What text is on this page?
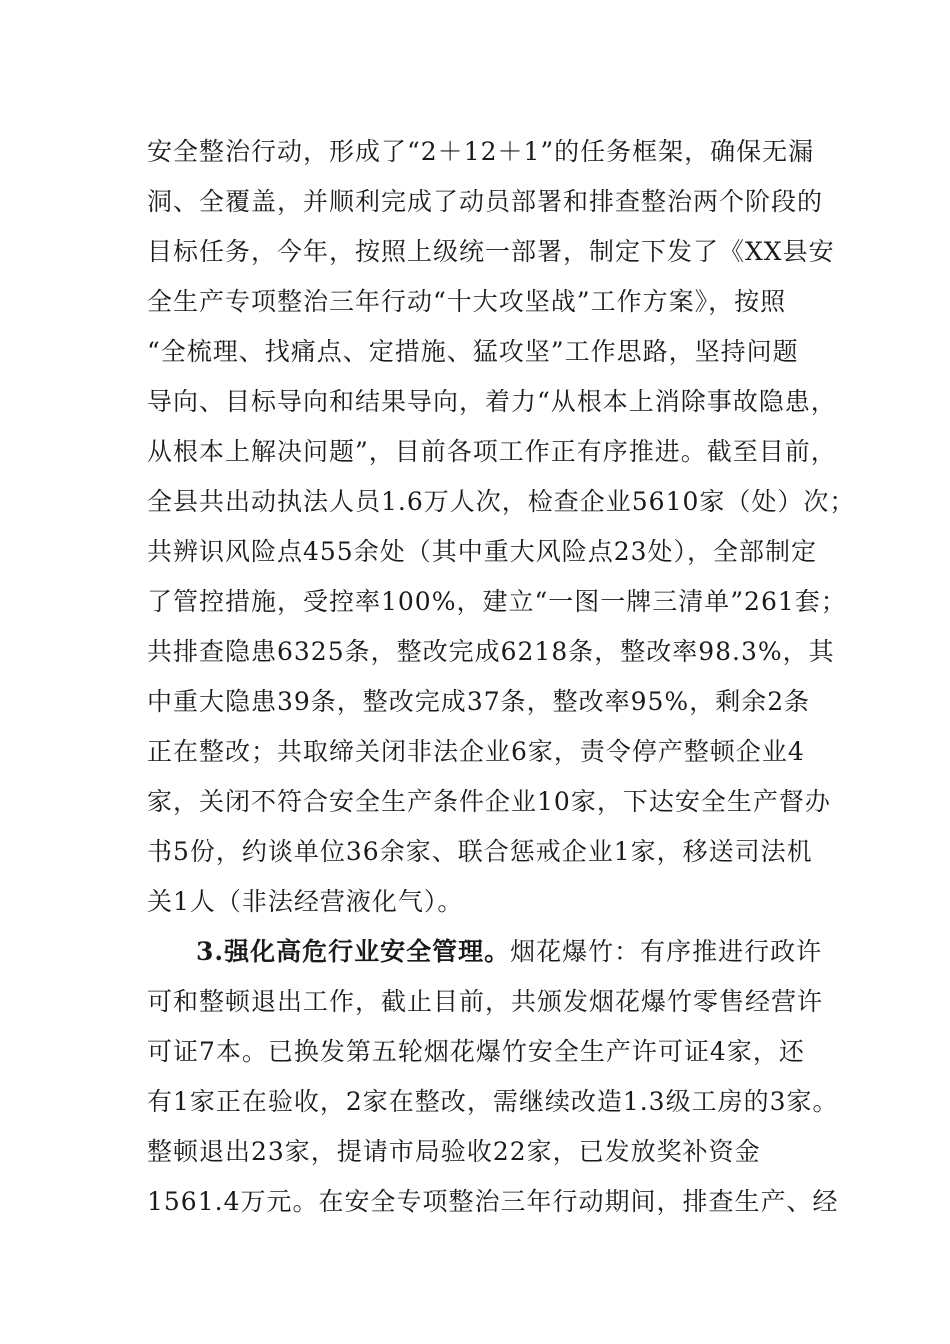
安全整治行动，形成了“2＋12＋1”的任务框架，确保无漏
洞、全覆盖，并顺利完成了动员部署和排查整治两个阶段的
目标任务，今年，按照上级统一部署，制定下发了《XX县安
全生产专项整治三年行动“十大攻坚战”工作方案》，按照
“全梳理、找痛点、定措施、猛攻坚”工作思路，坚持问题
导向、目标导向和结果导向，着力“从根本上消除事故隐患，
从根本上解决问题”，目前各项工作正有序推进。截至目前，
全县共出动执法人员1.6万人次，检查企业5610家（处）次；
共辨识风险点455余处（其中重大风险点23处），全部制定
了管控措施，受控率100%，建立“一图一牌三清单”261套；
共排查隐患6325条，整改完成6218条，整改率98.3%，其
中重大隐患39条，整改完成37条，整改率95%，剩余2条
正在整改；共取缔关闭非法企业6家，责令停产整顿企业4
家，关闭不符合安全生产条件企业10家，下达安全生产督办
书5份，约谈单位36余家、联合惩戒企业1家，移送司法机
关1人（非法经营液化气）。
3.强化高危行业安全管理。烟花爆竹：有序推进行政许
可和整顿退出工作，截止目前，共颁发烟花爆竹零售经营许
可证7本。已换发第五轮烟花爆竹安全生产许可证4家，还
有1家正在验收，2家在整改，需继续改造1.3级工房的3家。
整顿退出23家，提请市局验收22家，已发放奖补资金
1561.4万元。在安全专项整治三年行动期间，排查生产、经
